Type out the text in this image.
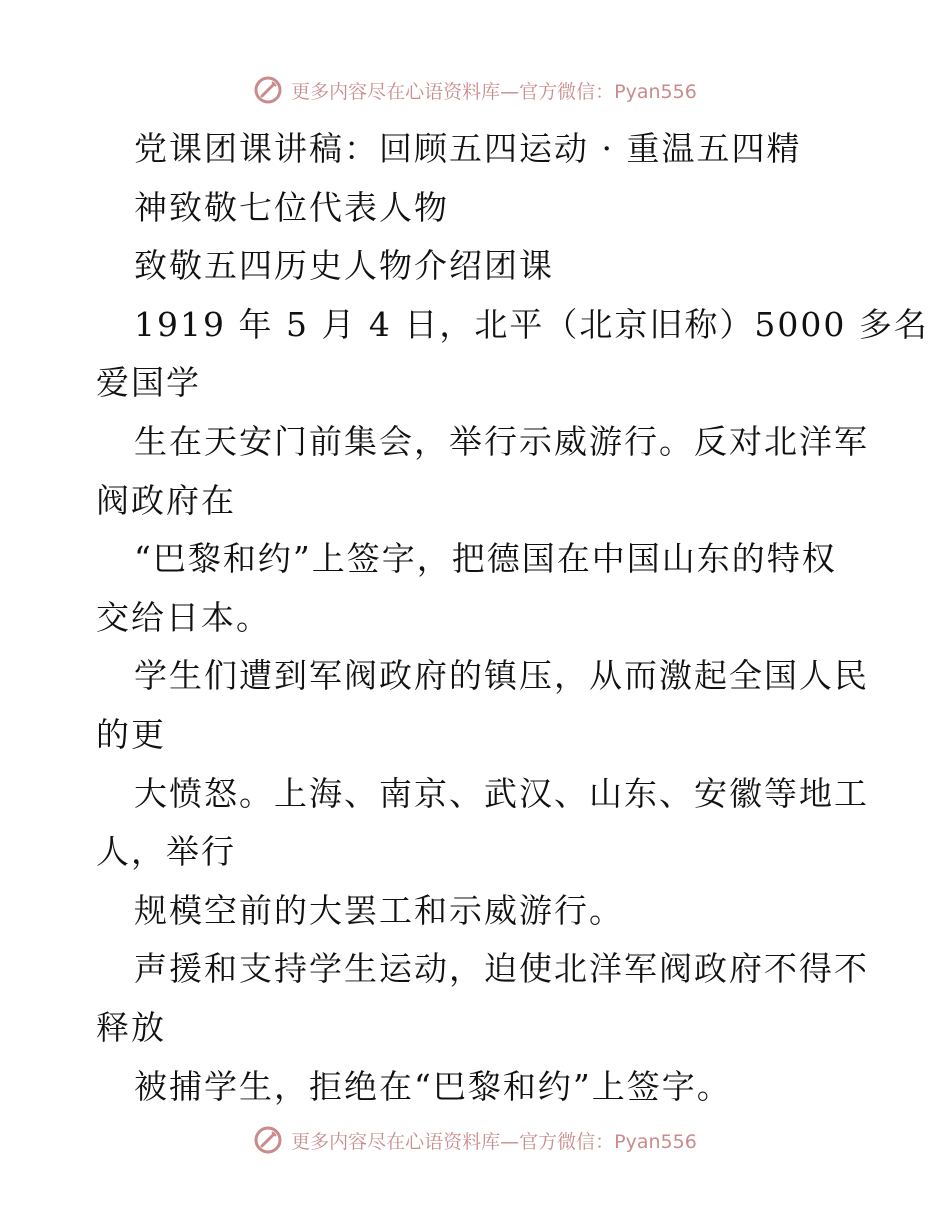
更多内容尽在心语资料库—官方微信：Pyan556
党课团课讲稿：回顾五四运动 · 重温五四精
神致敬七位代表人物
致敬五四历史人物介绍团课
1919 年 5 月 4 日，北平（北京旧称）5000 多名
爱国学
生在天安门前集会，举行示威游行。反对北洋军
阀政府在
“巴黎和约”上签字，把德国在中国山东的特权
交给日本。
学生们遭到军阀政府的镇压，从而激起全国人民
的更
大愤怒。上海、南京、武汉、山东、安徽等地工
人，举行
规模空前的大罢工和示威游行。
声援和支持学生运动，迫使北洋军阀政府不得不
释放
被捕学生，拒绝在“巴黎和约”上签字。
更多内容尽在心语资料库—官方微信：Pyan556
